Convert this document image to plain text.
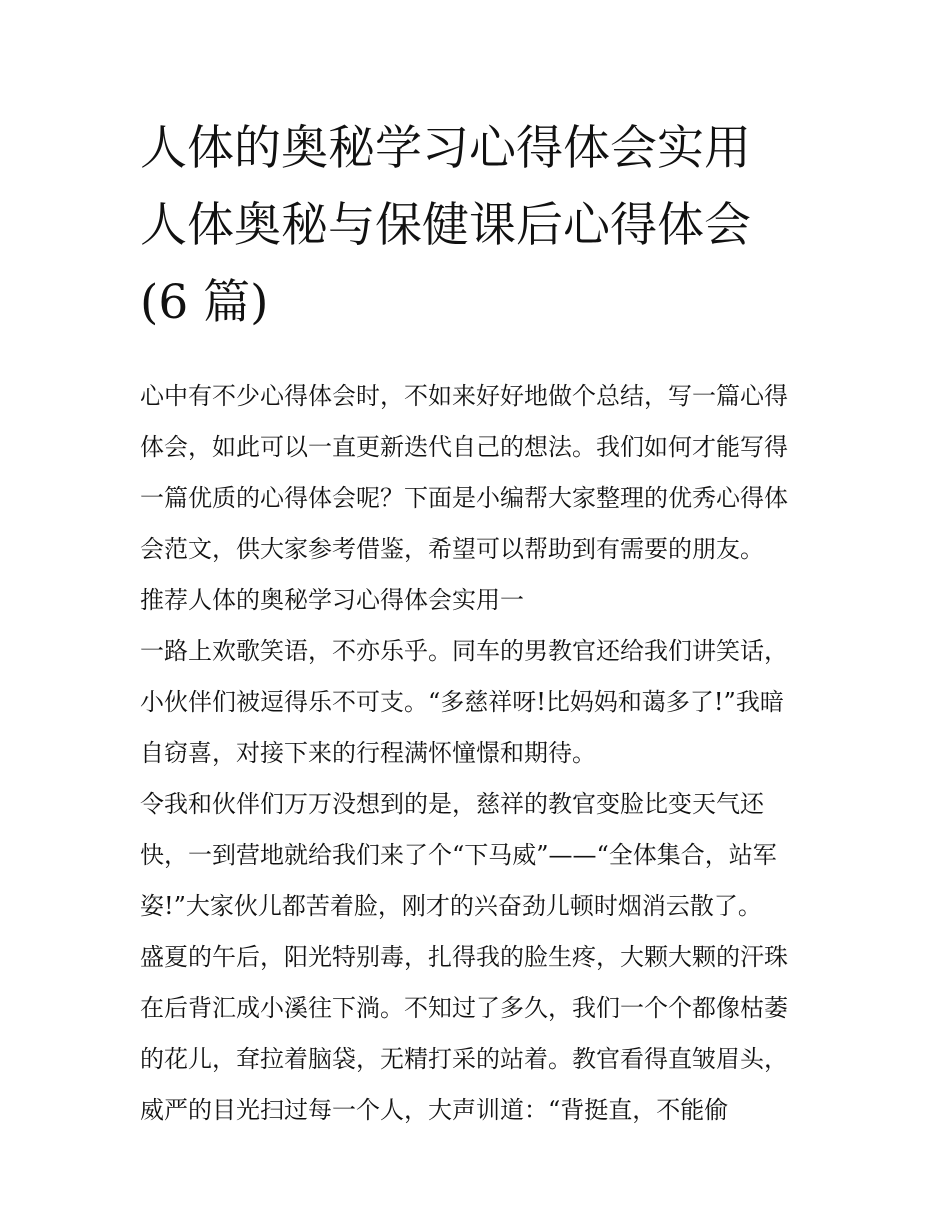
人体的奥秘学习心得体会实用
人体奥秘与保健课后心得体会
(6 篇)

心中有不少心得体会时，不如来好好地做个总结，写一篇心得
体会，如此可以一直更新迭代自己的想法。我们如何才能写得
一篇优质的心得体会呢？下面是小编帮大家整理的优秀心得体
会范文，供大家参考借鉴，希望可以帮助到有需要的朋友。

推荐人体的奥秘学习心得体会实用一

一路上欢歌笑语，不亦乐乎。同车的男教官还给我们讲笑话，
小伙伴们被逗得乐不可支。“多慈祥呀!比妈妈和蔼多了!”我暗
自窃喜，对接下来的行程满怀憧憬和期待。

令我和伙伴们万万没想到的是，慈祥的教官变脸比变天气还
快，一到营地就给我们来了个“下马威”——“全体集合，站军
姿!”大家伙儿都苦着脸，刚才的兴奋劲儿顿时烟消云散了。

盛夏的午后，阳光特别毒，扎得我的脸生疼，大颗大颗的汗珠
在后背汇成小溪往下淌。不知过了多久，我们一个个都像枯萎
的花儿，耷拉着脑袋，无精打采的站着。教官看得直皱眉头，
威严的目光扫过每一个人，大声训道：“背挺直，不能偷
